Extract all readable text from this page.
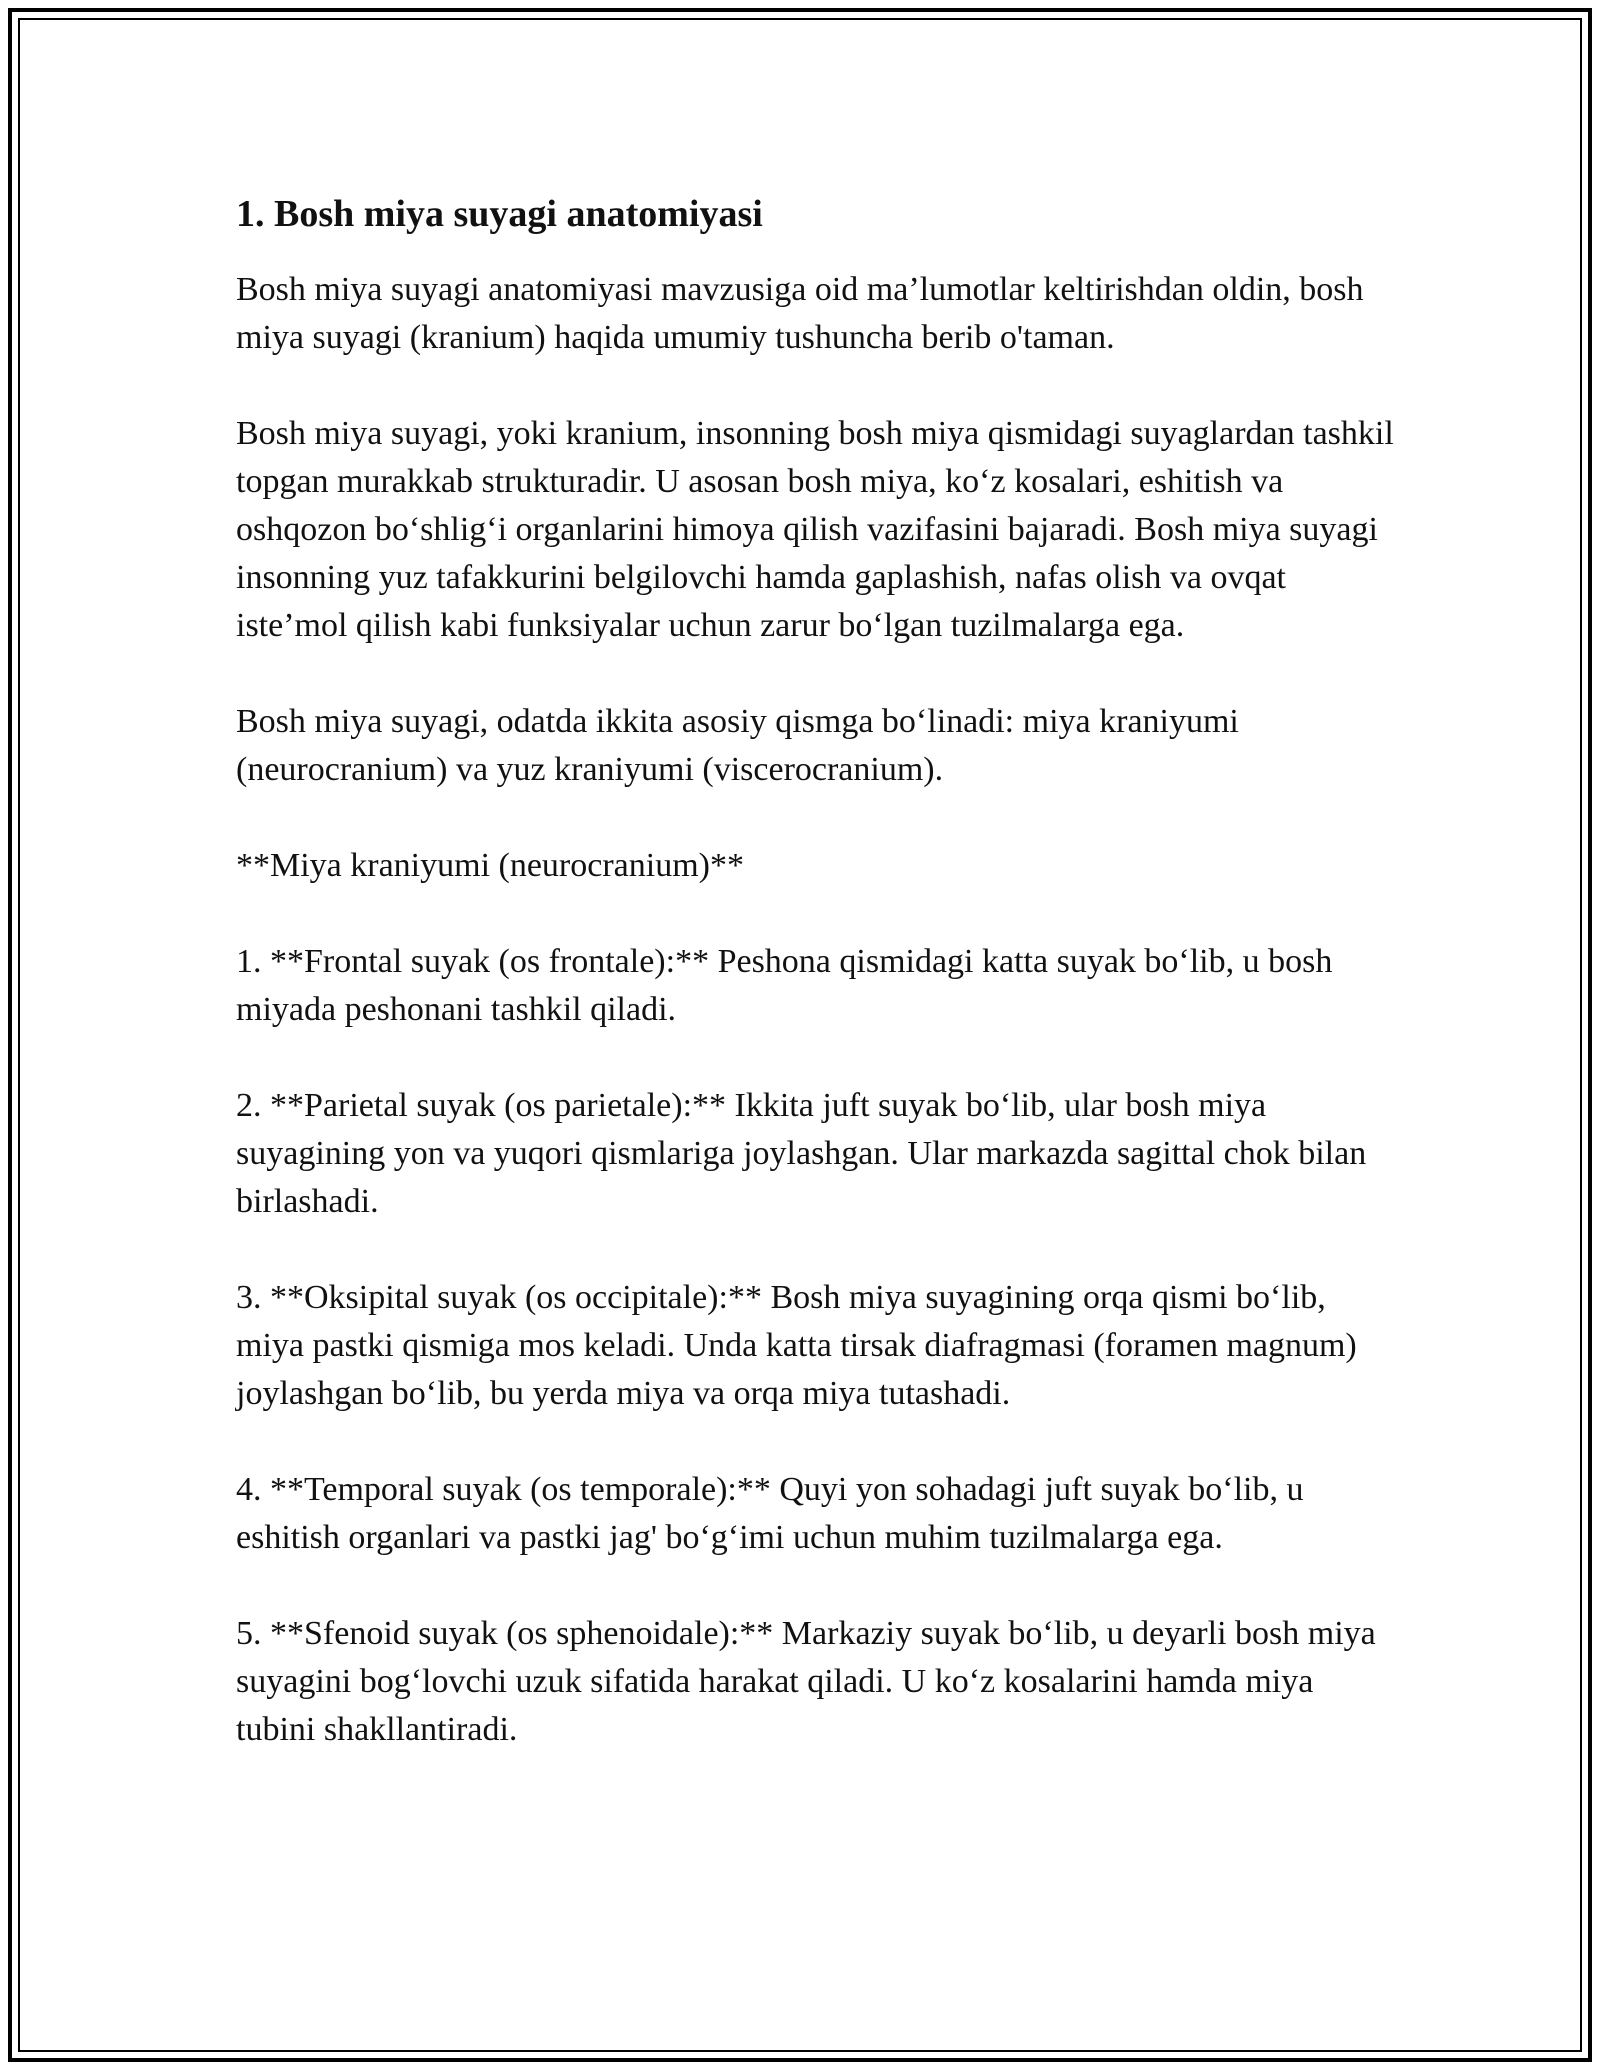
1. Bosh miya suyagi anatomiyasi

Bosh miya suyagi anatomiyasi mavzusiga oid ma’lumotlar keltirishdan oldin, bosh miya suyagi (kranium) haqida umumiy tushuncha berib o'taman.

Bosh miya suyagi, yoki kranium, insonning bosh miya qismidagi suyaglardan tashkil topgan murakkab strukturadir. U asosan bosh miya, ko‘z kosalari, eshitish va oshqozon bo‘shlig‘i organlarini himoya qilish vazifasini bajaradi. Bosh miya suyagi insonning yuz tafakkurini belgilovchi hamda gaplashish, nafas olish va ovqat iste’mol qilish kabi funksiyalar uchun zarur bo‘lgan tuzilmalarga ega.

Bosh miya suyagi, odatda ikkita asosiy qismga bo‘linadi: miya kraniyumi (neurocranium) va yuz kraniyumi (viscerocranium).

**Miya kraniyumi (neurocranium)**

1. **Frontal suyak (os frontale):** Peshona qismidagi katta suyak bo‘lib, u bosh miyada peshonani tashkil qiladi.

2. **Parietal suyak (os parietale):** Ikkita juft suyak bo‘lib, ular bosh miya suyagining yon va yuqori qismlariga joylashgan. Ular markazda sagittal chok bilan birlashadi.

3. **Oksipital suyak (os occipitale):** Bosh miya suyagining orqa qismi bo‘lib, miya pastki qismiga mos keladi. Unda katta tirsak diafragmasi (foramen magnum) joylashgan bo‘lib, bu yerda miya va orqa miya tutashadi.

4. **Temporal suyak (os temporale):** Quyi yon sohadagi juft suyak bo‘lib, u eshitish organlari va pastki jag' bo‘g‘imi uchun muhim tuzilmalarga ega.

5. **Sfenoid suyak (os sphenoidale):** Markaziy suyak bo‘lib, u deyarli bosh miya suyagini bog‘lovchi uzuk sifatida harakat qiladi. U ko‘z kosalarini hamda miya tubini shakllantiradi.
